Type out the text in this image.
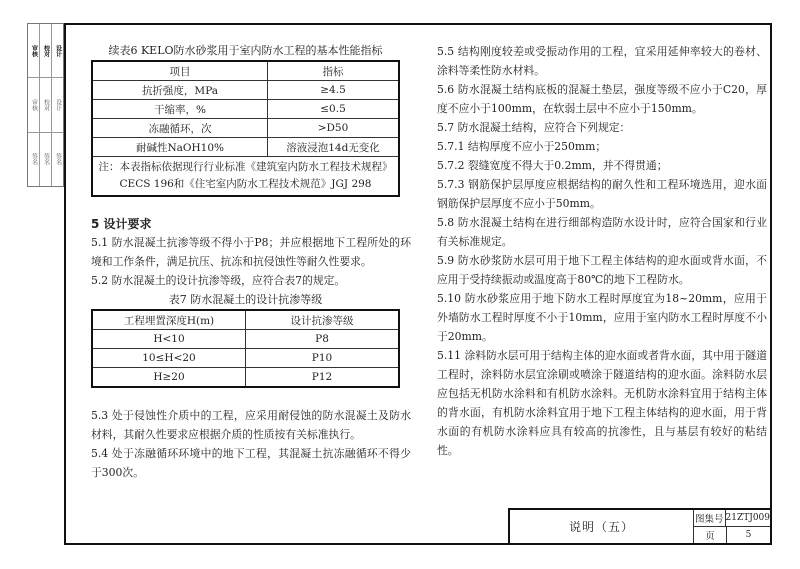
审核 校对 设计
审核 校对 设计
签名 签名 签名
续表6 KELO防水砂浆用于室内防水工程的基本性能指标
项目	指标
抗折强度，MPa	≥4.5
干缩率，%	≤0.5
冻融循环，次	>D50
耐碱性NaOH10%	溶液浸泡14d无变化
注：本表指标依据现行行业标准《建筑室内防水工程技术规程》CECS 196和《住宅室内防水工程技术规范》JGJ 298	
5 设计要求

5.1 防水混凝土抗渗等级不得小于P8；并应根据地下工程所处的环境和工作条件，满足抗压、抗冻和抗侵蚀性等耐久性要求。

5.2 防水混凝土的设计抗渗等级，应符合表7的规定。

表7 防水混凝土的设计抗渗等级
工程埋置深度H(m)	设计抗渗等级
H<10	P8
10≤H<20	P10
H≥20	P12

5.3 处于侵蚀性介质中的工程，应采用耐侵蚀的防水混凝土及防水材料，其耐久性要求应根据介质的性质按有关标准执行。

5.4 处于冻融循环环境中的地下工程，其混凝土抗冻融循环不得少于300次。

5.5 结构刚度较差或受振动作用的工程，宜采用延伸率较大的卷材、涂料等柔性防水材料。

5.6 防水混凝土结构底板的混凝土垫层，强度等级不应小于C20，厚度不应小于100mm，在软弱土层中不应小于150mm。

5.7 防水混凝土结构，应符合下列规定：

5.7.1 结构厚度不应小于250mm；

5.7.2 裂缝宽度不得大于0.2mm，并不得贯通；

5.7.3 钢筋保护层厚度应根据结构的耐久性和工程环境选用，迎水面钢筋保护层厚度不应小于50mm。

5.8 防水混凝土结构在进行细部构造防水设计时，应符合国家和行业有关标准规定。

5.9 防水砂浆防水层可用于地下工程主体结构的迎水面或背水面，不应用于受持续振动或温度高于80℃的地下工程防水。

5.10 防水砂浆应用于地下防水工程时厚度宜为18~20mm，应用于外墙防水工程时厚度不小于10mm，应用于室内防水工程时厚度不小于20mm。

5.11 涂料防水层可用于结构主体的迎水面或者背水面，其中用于隧道工程时，涂料防水层宜涂刷或喷涂于隧道结构的迎水面。涂料防水层应包括无机防水涂料和有机防水涂料。无机防水涂料宜用于结构主体的背水面，有机防水涂料宜用于地下工程主体结构的迎水面，用于背水面的有机防水涂料应具有较高的抗渗性，且与基层有较好的粘结性。

说明（五）
图集号 21ZTJ009
页	5
